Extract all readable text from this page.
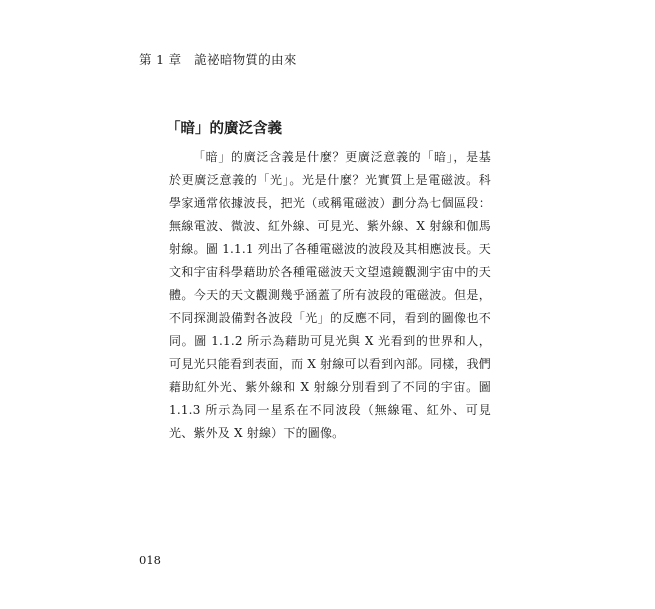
第 1 章 詭祕暗物質的由來
「暗」的廣泛含義

「暗」的廣泛含義是什麼？更廣泛意義的「暗」，是基於更廣泛意義的「光」。光是什麼？光實質上是電磁波。科學家通常依據波長，把光（或稱電磁波）劃分為七個區段：無線電波、微波、紅外線、可見光、紫外線、X 射線和伽馬射線。圖 1.1.1 列出了各種電磁波的波段及其相應波長。天文和宇宙科學藉助於各種電磁波天文望遠鏡觀測宇宙中的天體。今天的天文觀測幾乎涵蓋了所有波段的電磁波。但是，不同探測設備對各波段「光」的反應不同，看到的圖像也不同。圖 1.1.2 所示為藉助可見光與 X 光看到的世界和人，可見光只能看到表面，而 X 射線可以看到內部。同樣，我們藉助紅外光、紫外線和 X 射線分別看到了不同的宇宙。圖 1.1.3 所示為同一星系在不同波段（無線電、紅外、可見光、紫外及 X 射線）下的圖像。

018
